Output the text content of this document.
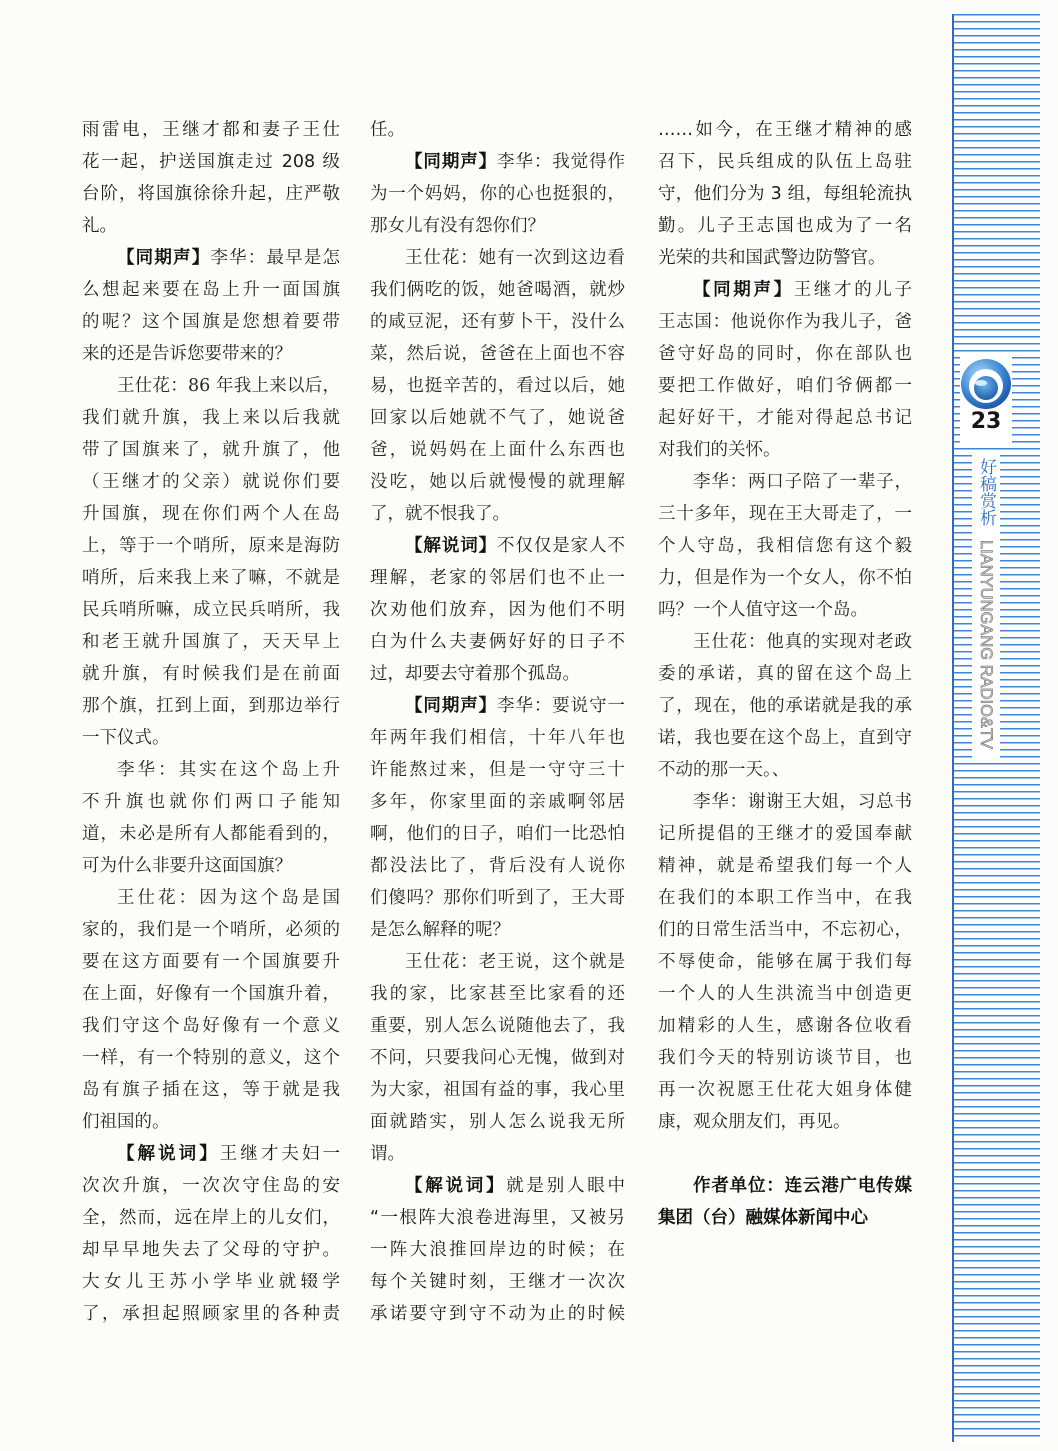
雨雷电，王继才都和妻子王仕
花一起，护送国旗走过 208 级
台阶，将国旗徐徐升起，庄严敬
礼。
【同期声】李华：最早是怎
么想起来要在岛上升一面国旗
的呢？这个国旗是您想着要带
来的还是告诉您要带来的？
王仕花：86 年我上来以后，
我们就升旗，我上来以后我就
带了国旗来了，就升旗了，他
（王继才的父亲）就说你们要
升国旗，现在你们两个人在岛
上，等于一个哨所，原来是海防
哨所，后来我上来了嘛，不就是
民兵哨所嘛，成立民兵哨所，我
和老王就升国旗了，天天早上
就升旗，有时候我们是在前面
那个旗，扛到上面，到那边举行
一下仪式。
李华：其实在这个岛上升
不升旗也就你们两口子能知
道，未必是所有人都能看到的，
可为什么非要升这面国旗？
王仕花：因为这个岛是国
家的，我们是一个哨所，必须的
要在这方面要有一个国旗要升
在上面，好像有一个国旗升着，
我们守这个岛好像有一个意义
一样，有一个特别的意义，这个
岛有旗子插在这，等于就是我
们祖国的。
【解说词】王继才夫妇一
次次升旗，一次次守住岛的安
全，然而，远在岸上的儿女们，
却早早地失去了父母的守护。
大女儿王苏小学毕业就辍学
了，承担起照顾家里的各种责
任。
【同期声】李华：我觉得作
为一个妈妈，你的心也挺狠的，
那女儿有没有怨你们？
王仕花：她有一次到这边看
我们俩吃的饭，她爸喝酒，就炒
的咸豆泥，还有萝卜干，没什么
菜，然后说，爸爸在上面也不容
易，也挺辛苦的，看过以后，她
回家以后她就不气了，她说爸
爸，说妈妈在上面什么东西也
没吃，她以后就慢慢的就理解
了，就不恨我了。
【解说词】不仅仅是家人不
理解，老家的邻居们也不止一
次劝他们放弃，因为他们不明
白为什么夫妻俩好好的日子不
过，却要去守着那个孤岛。
【同期声】李华：要说守一
年两年我们相信，十年八年也
许能熬过来，但是一守守三十
多年，你家里面的亲戚啊邻居
啊，他们的日子，咱们一比恐怕
都没法比了，背后没有人说你
们傻吗？那你们听到了，王大哥
是怎么解释的呢？
王仕花：老王说，这个就是
我的家，比家甚至比家看的还
重要，别人怎么说随他去了，我
不问，只要我问心无愧，做到对
为大家，祖国有益的事，我心里
面就踏实，别人怎么说我无所
谓。
【解说词】就是别人眼中
“一根阵大浪卷进海里，又被另
一阵大浪推回岸边的时候；在
每个关键时刻，王继才一次次
承诺要守到守不动为止的时候
……如今，在王继才精神的感
召下，民兵组成的队伍上岛驻
守，他们分为 3 组，每组轮流执
勤。儿子王志国也成为了一名
光荣的共和国武警边防警官。
【同期声】王继才的儿子
王志国：他说你作为我儿子，爸
爸守好岛的同时，你在部队也
要把工作做好，咱们爷俩都一
起好好干，才能对得起总书记
对我们的关怀。
李华：两口子陪了一辈子，
三十多年，现在王大哥走了，一
个人守岛，我相信您有这个毅
力，但是作为一个女人，你不怕
吗？一个人值守这一个岛。
王仕花：他真的实现对老政
委的承诺，真的留在这个岛上
了，现在，他的承诺就是我的承
诺，我也要在这个岛上，直到守
不动的那一天。、
李华：谢谢王大姐，习总书
记所提倡的王继才的爱国奉献
精神，就是希望我们每一个人
在我们的本职工作当中，在我
们的日常生活当中，不忘初心，
不辱使命，能够在属于我们每
一个人的人生洪流当中创造更
加精彩的人生，感谢各位收看
我们今天的特别访谈节目，也
再一次祝愿王仕花大姐身体健
康，观众朋友们，再见。
作者单位：连云港广电传媒
集团（台）融媒体新闻中心
23
好稿赏析
LIANYUNGANG RADIO&TV
